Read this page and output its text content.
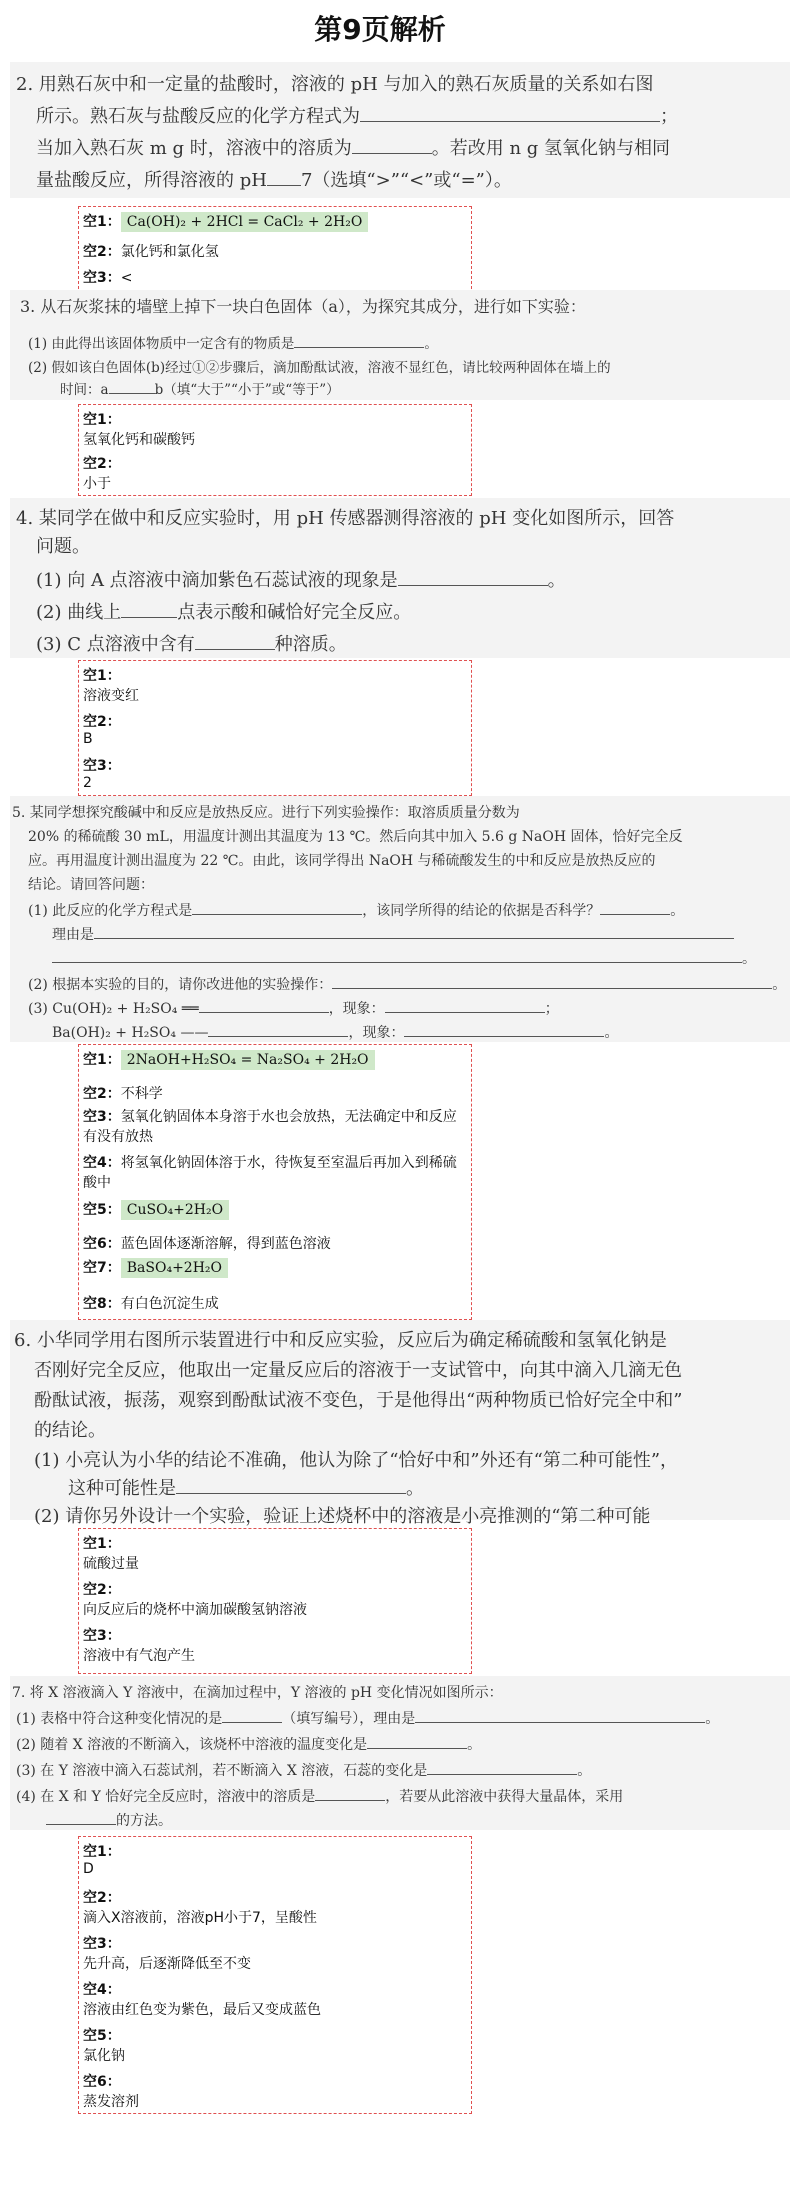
第9页解析
2. 用熟石灰中和一定量的盐酸时，溶液的 pH 与加入的熟石灰质量的关系如右图
所示。熟石灰与盐酸反应的化学方程式为	；
当加入熟石灰 m g 时，溶液中的溶质为	。若改用 n g 氢氧化钠与相同
量盐酸反应，所得溶液的 pH 7（选填“>”“<”或“=”）。
空1： Ca(OH)₂ + 2HCl = CaCl₂ + 2H₂O
空2：氯化钙和氯化氢
空3：<
3. 从石灰浆抹的墙壁上掉下一块白色固体（a），为探究其成分，进行如下实验：
(1) 由此得出该固体物质中一定含有的物质是	。
(2) 假如该白色固体(b)经过①②步骤后，滴加酚酞试液，溶液不显红色，请比较两种固体在墙上的
时间：a	b（填“大于”“小于”或“等于”）
空1：
氢氧化钙和碳酸钙
空2：
小于
4. 某同学在做中和反应实验时，用 pH 传感器测得溶液的 pH 变化如图所示，回答
问题。
(1) 向 A 点溶液中滴加紫色石蕊试液的现象是	。
(2) 曲线上	点表示酸和碱恰好完全反应。
(3) C 点溶液中含有	种溶质。
空1：
溶液变红
空2：
B
空3：
2
5. 某同学想探究酸碱中和反应是放热反应。进行下列实验操作：取溶质质量分数为
20% 的稀硫酸 30 mL，用温度计测出其温度为 13 ℃。然后向其中加入 5.6 g NaOH 固体，恰好完全反
应。再用温度计测出温度为 22 ℃。由此，该同学得出 NaOH 与稀硫酸发生的中和反应是放热反应的
结论。请回答问题：
(1) 此反应的化学方程式是	，该同学所得的结论的依据是否科学？	。
理由是
。
(2) 根据本实验的目的，请你改进他的实验操作：	。
(3) Cu(OH)₂ + H₂SO₄ ══	，现象：	；
Ba(OH)₂ + H₂SO₄ ——	，现象：	。
空1： 2NaOH+H₂SO₄ = Na₂SO₄ + 2H₂O
空2：不科学
空3：氢氧化钠固体本身溶于水也会放热，无法确定中和反应有没有放热
空4：将氢氧化钠固体溶于水，待恢复至室温后再加入到稀硫酸中
空5： CuSO₄+2H₂O
空6：蓝色固体逐渐溶解，得到蓝色溶液
空7： BaSO₄+2H₂O
空8：有白色沉淀生成
6. 小华同学用右图所示装置进行中和反应实验，反应后为确定稀硫酸和氢氧化钠是
否刚好完全反应，他取出一定量反应后的溶液于一支试管中，向其中滴入几滴无色
酚酞试液，振荡，观察到酚酞试液不变色，于是他得出“两种物质已恰好完全中和”
的结论。
(1) 小亮认为小华的结论不准确，他认为除了“恰好中和”外还有“第二种可能性”，
这种可能性是	。
(2) 请你另外设计一个实验，验证上述烧杯中的溶液是小亮推测的“第二种可能
空1：
硫酸过量
空2：
向反应后的烧杯中滴加碳酸氢钠溶液
空3：
溶液中有气泡产生
7. 将 X 溶液滴入 Y 溶液中，在滴加过程中，Y 溶液的 pH 变化情况如图所示：
(1) 表格中符合这种变化情况的是	（填写编号），理由是	。
(2) 随着 X 溶液的不断滴入，该烧杯中溶液的温度变化是	。
(3) 在 Y 溶液中滴入石蕊试剂，若不断滴入 X 溶液，石蕊的变化是	。
(4) 在 X 和 Y 恰好完全反应时，溶液中的溶质是	，若要从此溶液中获得大量晶体，采用
的方法。
空1：
D
空2：
滴入X溶液前，溶液pH小于7，呈酸性
空3：
先升高，后逐渐降低至不变
空4：
溶液由红色变为紫色，最后又变成蓝色
空5：
氯化钠
空6：
蒸发溶剂
